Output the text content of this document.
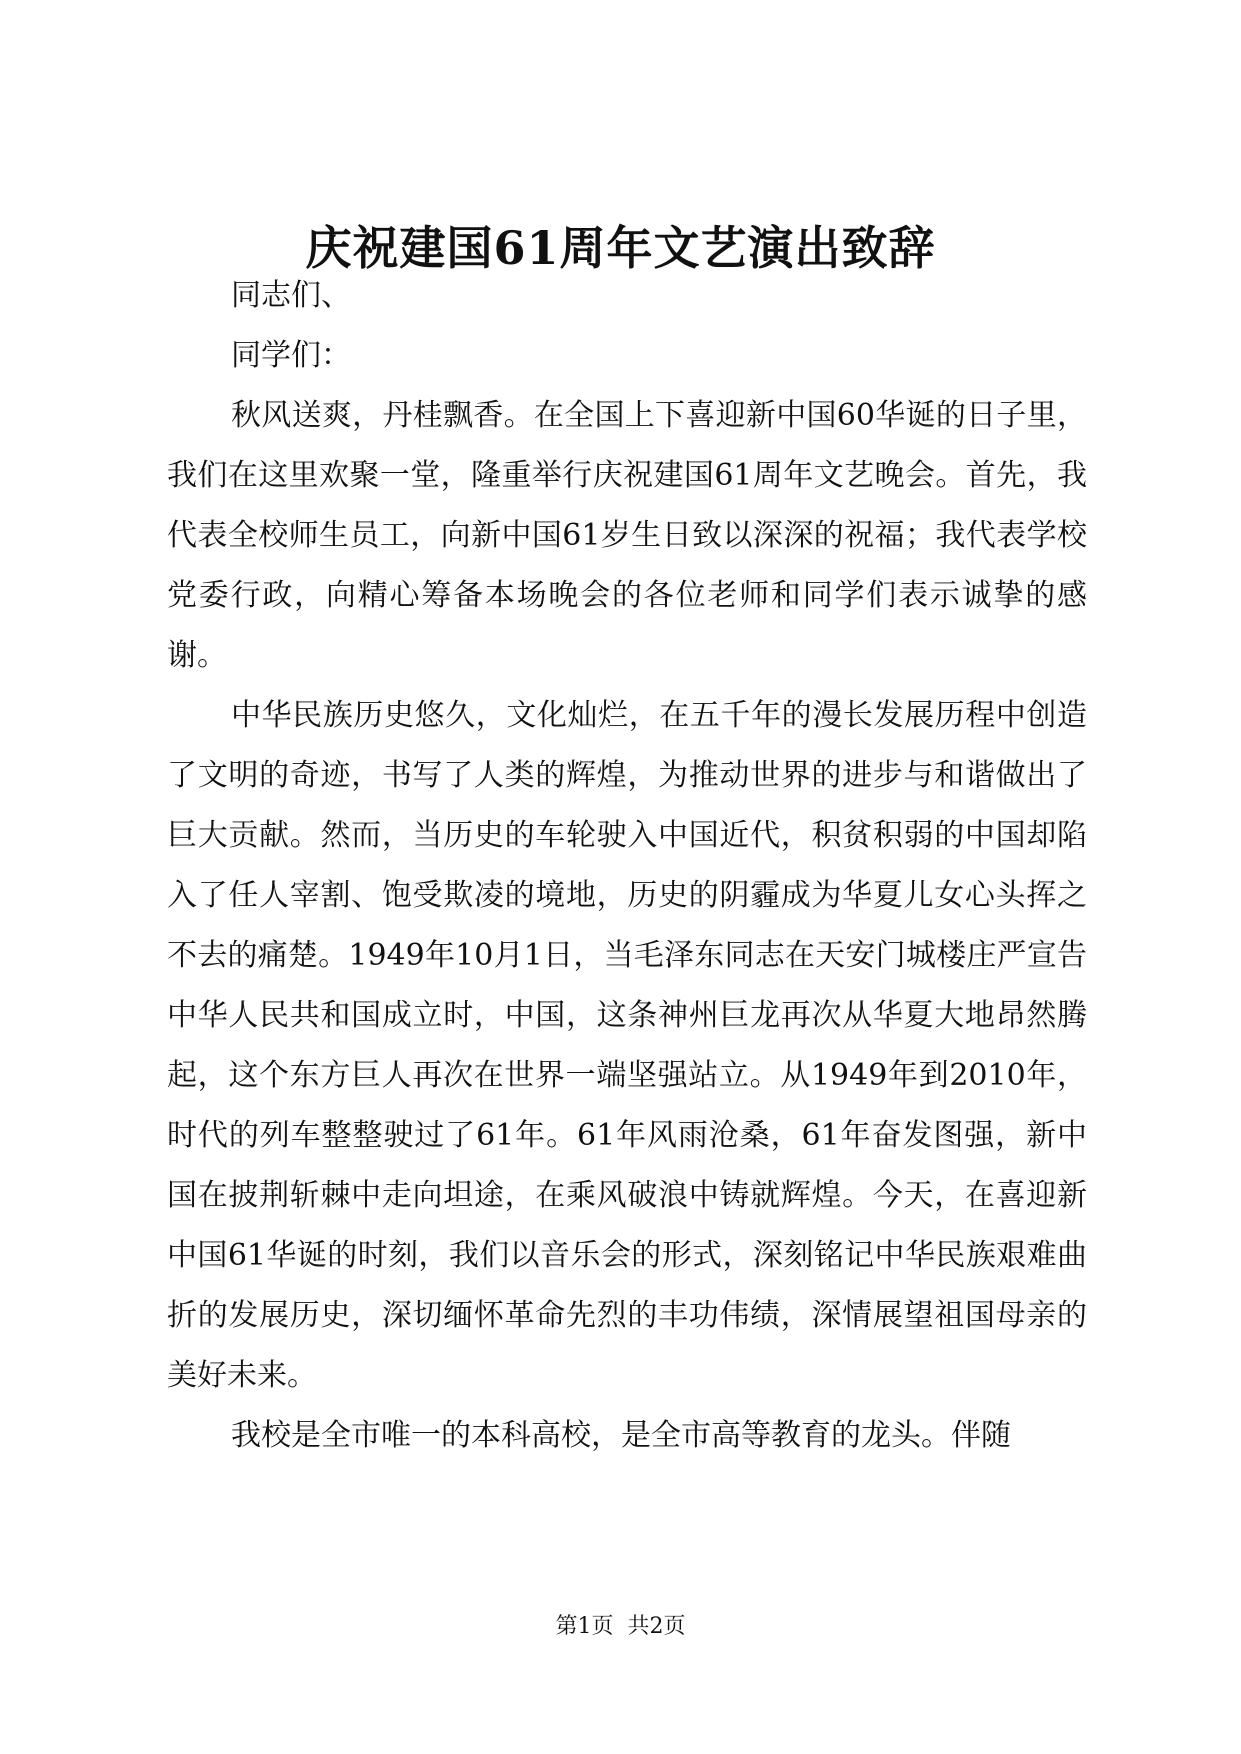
庆祝建国61周年文艺演出致辞

同志们、

同学们：

秋风送爽，丹桂飘香。在全国上下喜迎新中国60华诞的日子里，我们在这里欢聚一堂，隆重举行庆祝建国61周年文艺晚会。首先，我代表全校师生员工，向新中国61岁生日致以深深的祝福；我代表学校党委行政，向精心筹备本场晚会的各位老师和同学们表示诚挚的感谢。

中华民族历史悠久，文化灿烂，在五千年的漫长发展历程中创造了文明的奇迹，书写了人类的辉煌，为推动世界的进步与和谐做出了巨大贡献。然而，当历史的车轮驶入中国近代，积贫积弱的中国却陷入了任人宰割、饱受欺凌的境地，历史的阴霾成为华夏儿女心头挥之不去的痛楚。1949年10月1日，当毛泽东同志在天安门城楼庄严宣告中华人民共和国成立时，中国，这条神州巨龙再次从华夏大地昂然腾起，这个东方巨人再次在世界一端坚强站立。从1949年到2010年，时代的列车整整驶过了61年。61年风雨沧桑，61年奋发图强，新中国在披荆斩棘中走向坦途，在乘风破浪中铸就辉煌。今天，在喜迎新中国61华诞的时刻，我们以音乐会的形式，深刻铭记中华民族艰难曲折的发展历史，深切缅怀革命先烈的丰功伟绩，深情展望祖国母亲的美好未来。

我校是全市唯一的本科高校，是全市高等教育的龙头。伴随

第1页 共2页
